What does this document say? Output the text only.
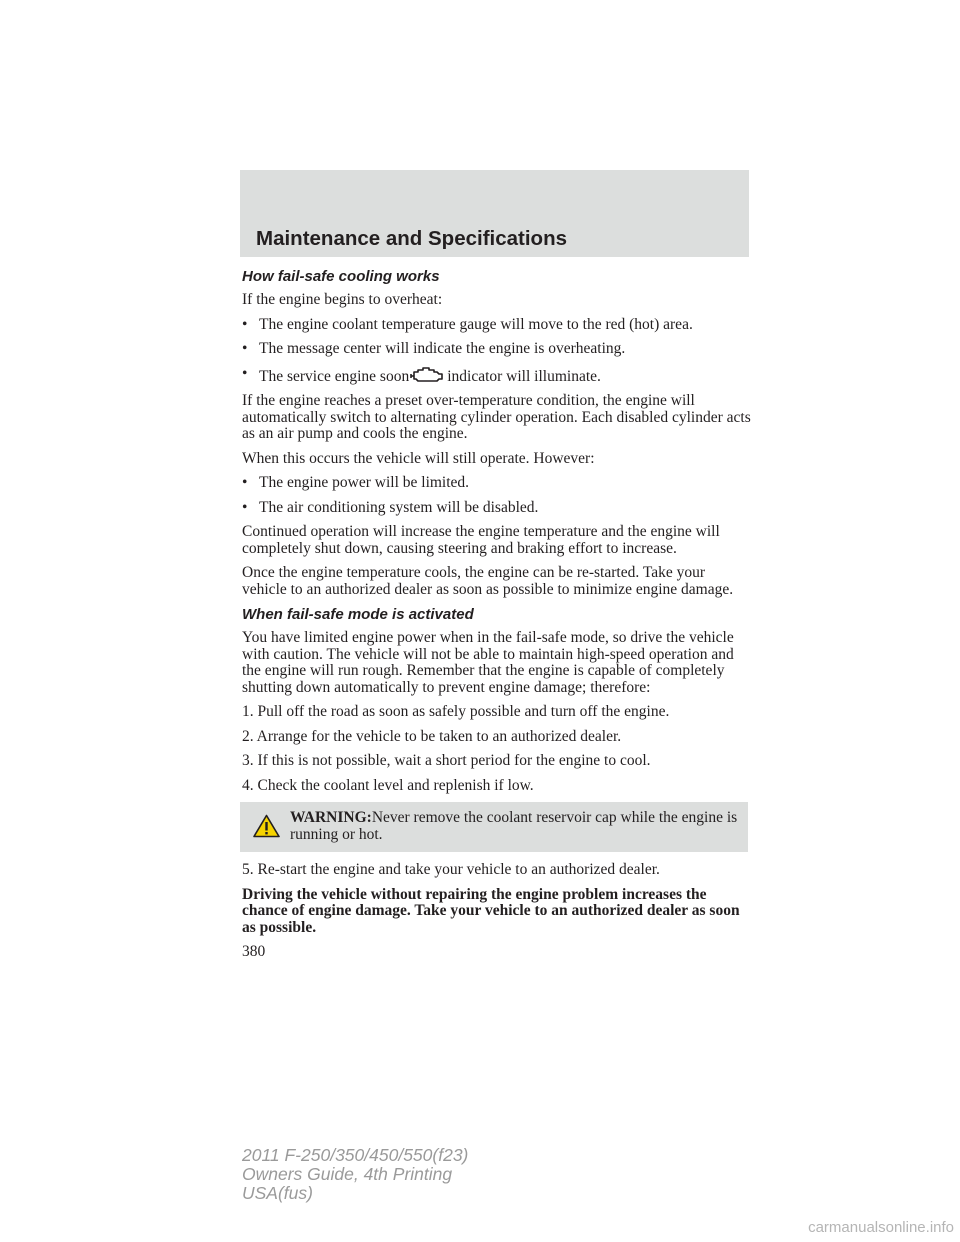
Maintenance and Specifications
How fail-safe cooling works

If the engine begins to overheat:

• The engine coolant temperature gauge will move to the red (hot) area.
• The message center will indicate the engine is overheating.
• The service engine soon indicator will illuminate.

If the engine reaches a preset over-temperature condition, the engine will automatically switch to alternating cylinder operation. Each disabled cylinder acts as an air pump and cools the engine.

When this occurs the vehicle will still operate. However:

• The engine power will be limited.
• The air conditioning system will be disabled.

Continued operation will increase the engine temperature and the engine will completely shut down, causing steering and braking effort to increase.

Once the engine temperature cools, the engine can be re-started. Take your vehicle to an authorized dealer as soon as possible to minimize engine damage.

When fail-safe mode is activated

You have limited engine power when in the fail-safe mode, so drive the vehicle with caution. The vehicle will not be able to maintain high-speed operation and the engine will run rough. Remember that the engine is capable of completely shutting down automatically to prevent engine damage; therefore:

1. Pull off the road as soon as safely possible and turn off the engine.

2. Arrange for the vehicle to be taken to an authorized dealer.

3. If this is not possible, wait a short period for the engine to cool.

4. Check the coolant level and replenish if low.

WARNING:Never remove the coolant reservoir cap while the engine is running or hot.

5. Re-start the engine and take your vehicle to an authorized dealer.

Driving the vehicle without repairing the engine problem increases the chance of engine damage. Take your vehicle to an authorized dealer as soon as possible.

380

2011 F-250/350/450/550(f23)
Owners Guide, 4th Printing
USA(fus)
carmanualsonline.info
